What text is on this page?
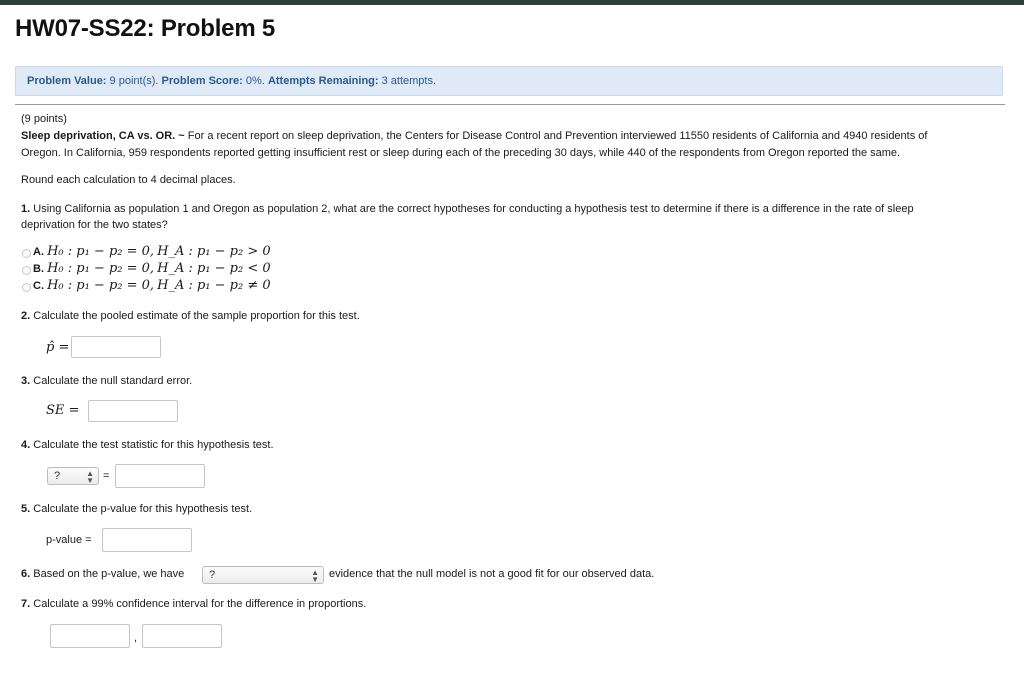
HW07-SS22: Problem 5
Problem Value: 9 point(s). Problem Score: 0%. Attempts Remaining: 3 attempts.
(9 points)
Sleep deprivation, CA vs. OR. ~ For a recent report on sleep deprivation, the Centers for Disease Control and Prevention interviewed 11550 residents of California and 4940 residents of
Oregon. In California, 959 respondents reported getting insufficient rest or sleep during each of the preceding 30 days, while 440 of the respondents from Oregon reported the same.
Round each calculation to 4 decimal places.
1. Using California as population 1 and Oregon as population 2, what are the correct hypotheses for conducting a hypothesis test to determine if there is a difference in the rate of sleep
deprivation for the two states?
A. H₀ : p₁ − p₂ = 0, H_A : p₁ − p₂ > 0
B. H₀ : p₁ − p₂ = 0, H_A : p₁ − p₂ < 0
C. H₀ : p₁ − p₂ = 0, H_A : p₁ − p₂ ≠ 0
2. Calculate the pooled estimate of the sample proportion for this test.
p̂ =
3. Calculate the null standard error.
SE =
4. Calculate the test statistic for this hypothesis test.
?	▲
▼ =
5. Calculate the p-value for this hypothesis test.
p-value =
6. Based on the p-value, we have	?	▲
▼ evidence that the null model is not a good fit for our observed data.
7. Calculate a 99% confidence interval for the difference in proportions.
,
